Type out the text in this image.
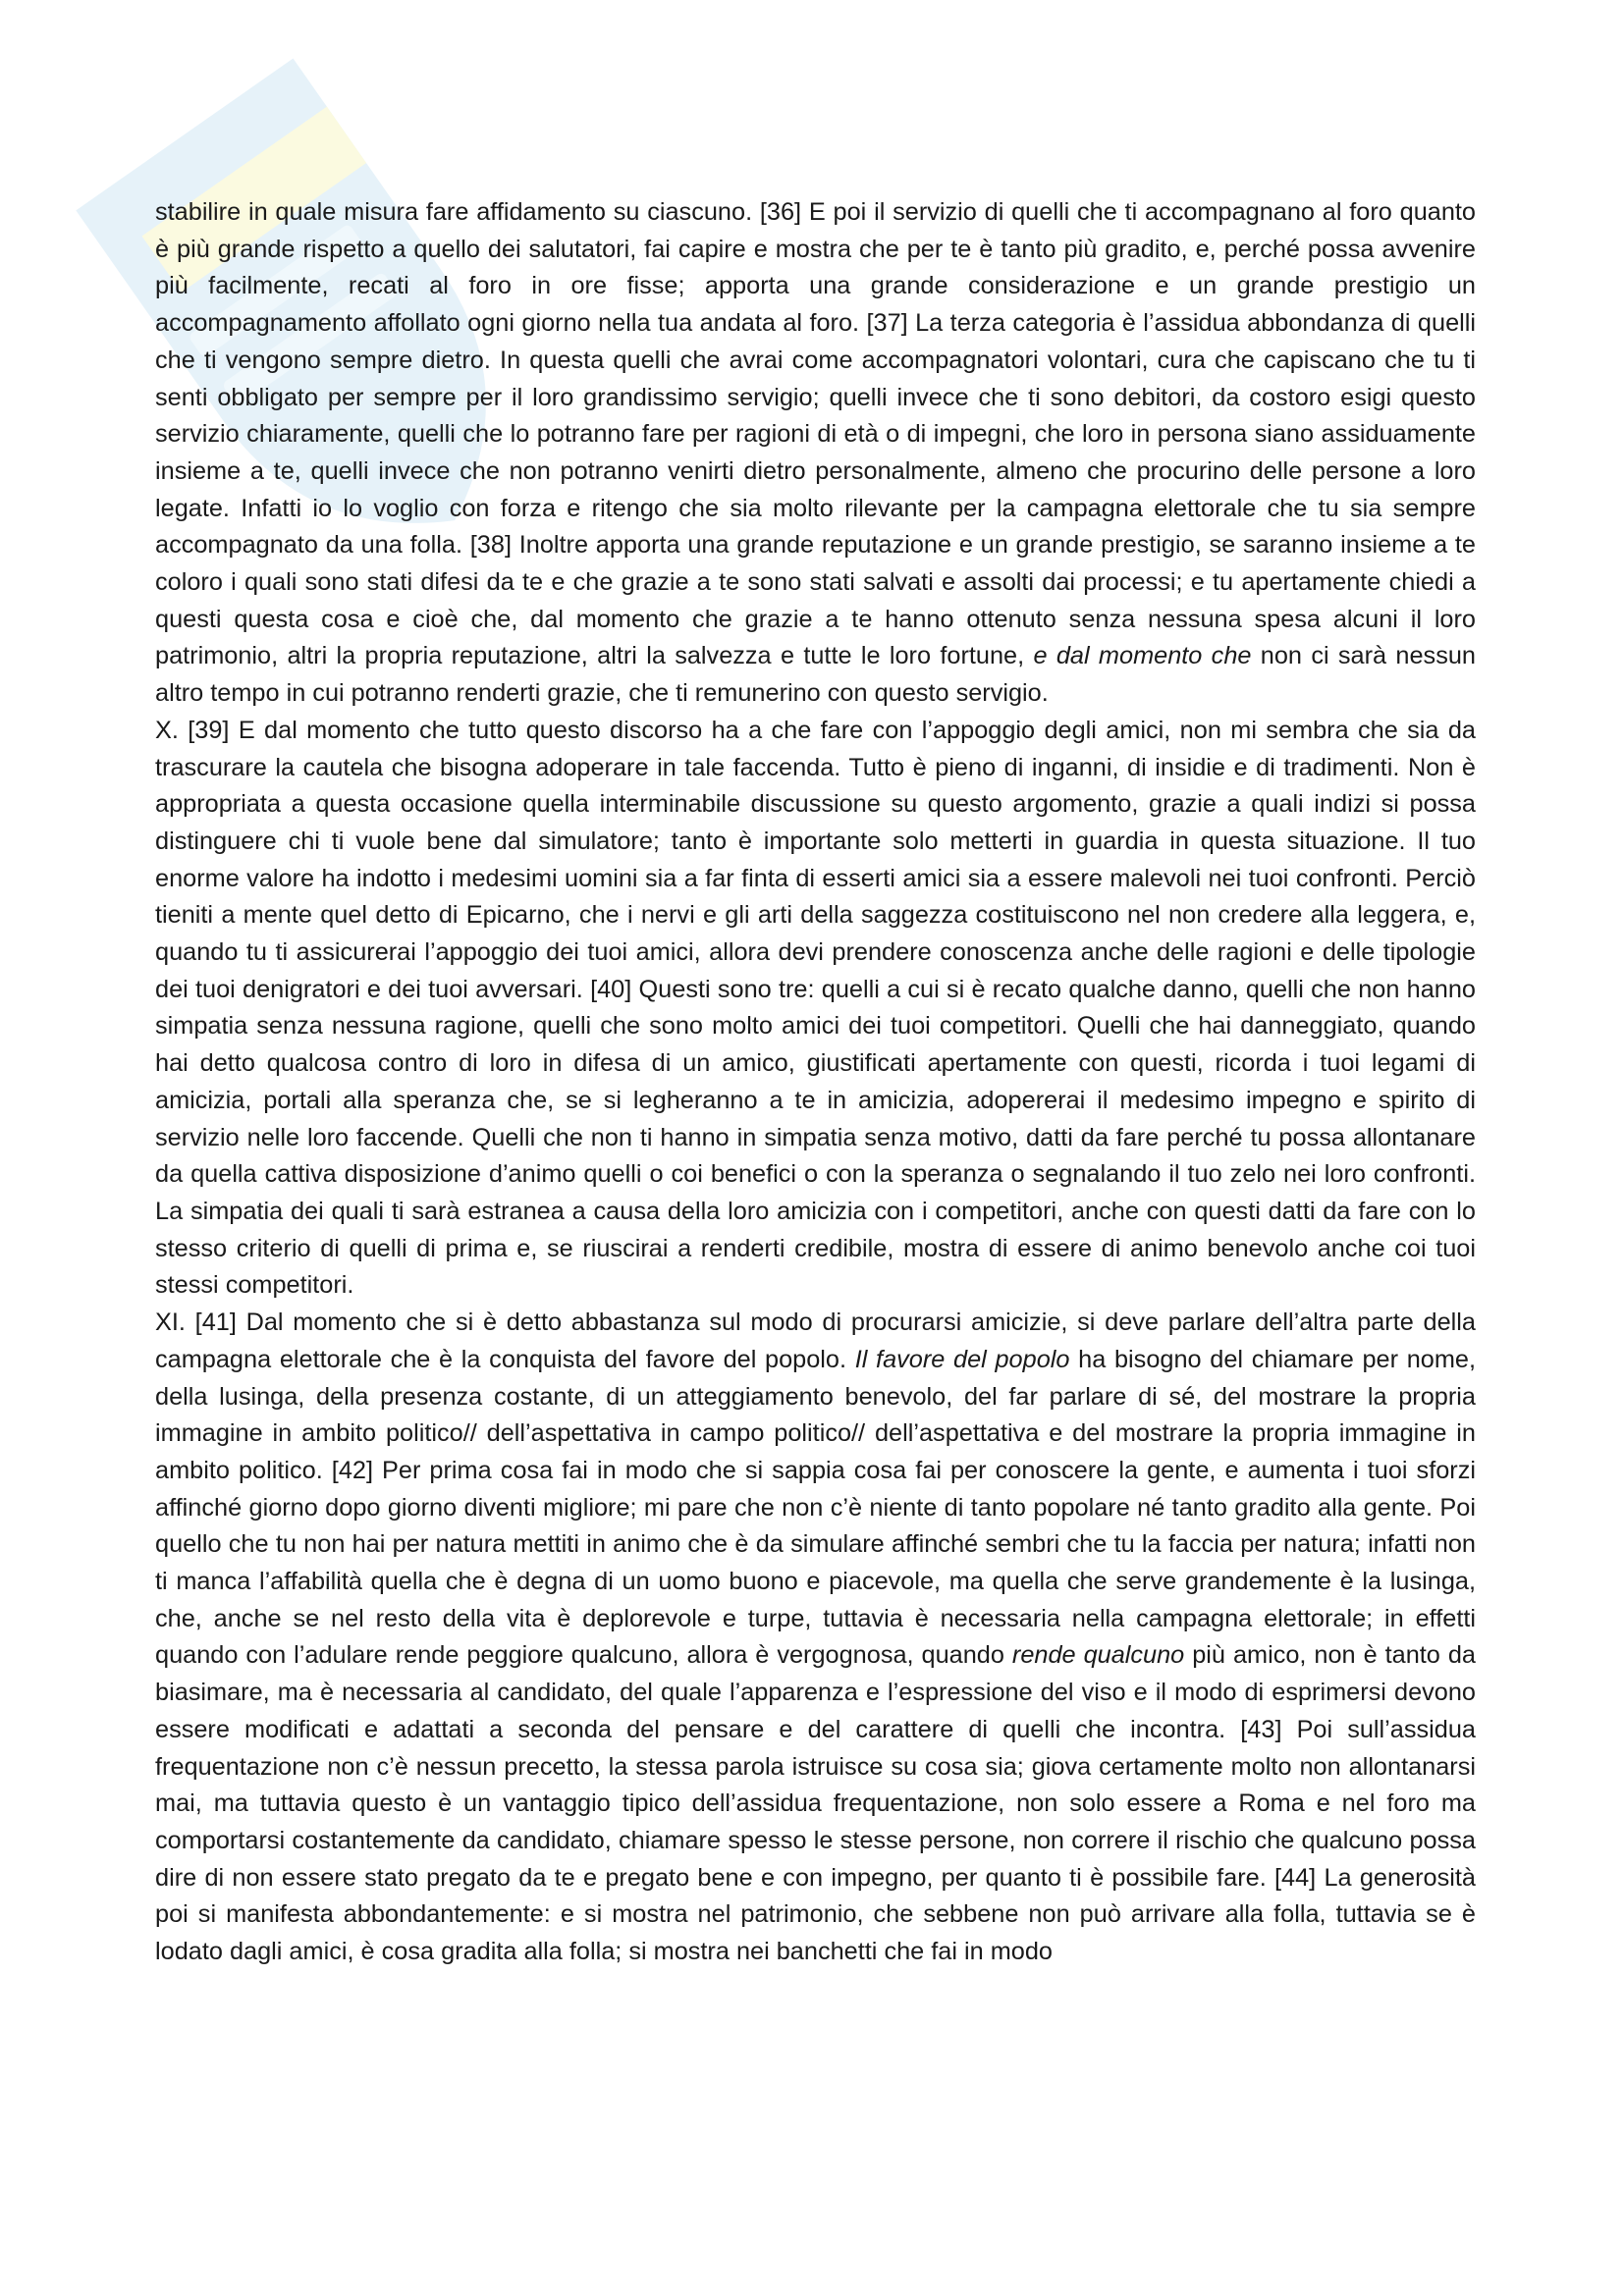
stabilire in quale misura fare affidamento su ciascuno. [36] E poi il servizio di quelli che ti accompagnano al foro quanto è più grande rispetto a quello dei salutatori, fai capire e mostra che per te è tanto più gradito, e, perché possa avvenire più facilmente, recati al foro in ore fisse; apporta una grande considerazione e un grande prestigio un accompagnamento affollato ogni giorno nella tua andata al foro. [37] La terza categoria è l’assidua abbondanza di quelli che ti vengono sempre dietro. In questa quelli che avrai come accompagnatori volontari, cura che capiscano che tu ti senti obbligato per sempre per il loro grandissimo servigio; quelli invece che ti sono debitori, da costoro esigi questo servizio chiaramente, quelli che lo potranno fare per ragioni di età o di impegni, che loro in persona siano assiduamente insieme a te, quelli invece che non potranno venirti dietro personalmente, almeno che procurino delle persone a loro legate. Infatti io lo voglio con forza e ritengo che sia molto rilevante per la campagna elettorale che tu sia sempre accompagnato da una folla. [38] Inoltre apporta una grande reputazione e un grande prestigio, se saranno insieme a te coloro i quali sono stati difesi da te e che grazie a te sono stati salvati e assolti dai processi; e tu apertamente chiedi a questi questa cosa e cioè che, dal momento che grazie a te hanno ottenuto senza nessuna spesa alcuni il loro patrimonio, altri la propria reputazione, altri la salvezza e tutte le loro fortune, e dal momento che non ci sarà nessun altro tempo in cui potranno renderti grazie, che ti remunerino con questo servigio.

X. [39] E dal momento che tutto questo discorso ha a che fare con l’appoggio degli amici, non mi sembra che sia da trascurare la cautela che bisogna adoperare in tale faccenda. Tutto è pieno di inganni, di insidie e di tradimenti. Non è appropriata a questa occasione quella interminabile discussione su questo argomento, grazie a quali indizi si possa distinguere chi ti vuole bene dal simulatore; tanto è importante solo metterti in guardia in questa situazione. Il tuo enorme valore ha indotto i medesimi uomini sia a far finta di esserti amici sia a essere malevoli nei tuoi confronti. Perciò tieniti a mente quel detto di Epicarno, che i nervi e gli arti della saggezza costituiscono nel non credere alla leggera, e, quando tu ti assicurerai l’appoggio dei tuoi amici, allora devi prendere conoscenza anche delle ragioni e delle tipologie dei tuoi denigratori e dei tuoi avversari. [40] Questi sono tre: quelli a cui si è recato qualche danno, quelli che non hanno simpatia senza nessuna ragione, quelli che sono molto amici dei tuoi competitori. Quelli che hai danneggiato, quando hai detto qualcosa contro di loro in difesa di un amico, giustificati apertamente con questi, ricorda i tuoi legami di amicizia, portali alla speranza che, se si legheranno a te in amicizia, adopererai il medesimo impegno e spirito di servizio nelle loro faccende. Quelli che non ti hanno in simpatia senza motivo, datti da fare perché tu possa allontanare da quella cattiva disposizione d’animo quelli o coi benefici o con la speranza o segnalando il tuo zelo nei loro confronti. La simpatia dei quali ti sarà estranea a causa della loro amicizia con i competitori, anche con questi datti da fare con lo stesso criterio di quelli di prima e, se riuscirai a renderti credibile, mostra di essere di animo benevolo anche coi tuoi stessi competitori.

XI. [41] Dal momento che si è detto abbastanza sul modo di procurarsi amicizie, si deve parlare dell’altra parte della campagna elettorale che è la conquista del favore del popolo. Il favore del popolo ha bisogno del chiamare per nome, della lusinga, della presenza costante, di un atteggiamento benevolo, del far parlare di sé, del mostrare la propria immagine in ambito politico// dell’aspettativa in campo politico// dell’aspettativa e del mostrare la propria immagine in ambito politico. [42] Per prima cosa fai in modo che si sappia cosa fai per conoscere la gente, e aumenta i tuoi sforzi affinché giorno dopo giorno diventi migliore; mi pare che non c’è niente di tanto popolare né tanto gradito alla gente. Poi quello che tu non hai per natura mettiti in animo che è da simulare affinché sembri che tu la faccia per natura; infatti non ti manca l’affabilità quella che è degna di un uomo buono e piacevole, ma quella che serve grandemente è la lusinga, che, anche se nel resto della vita è deplorevole e turpe, tuttavia è necessaria nella campagna elettorale; in effetti quando con l’adulare rende peggiore qualcuno, allora è vergognosa, quando rende qualcuno più amico, non è tanto da biasimare, ma è necessaria al candidato, del quale l’apparenza e l’espressione del viso e il modo di esprimersi devono essere modificati e adattati a seconda del pensare e del carattere di quelli che incontra. [43] Poi sull’assidua frequentazione non c’è nessun precetto, la stessa parola istruisce su cosa sia; giova certamente molto non allontanarsi mai, ma tuttavia questo è un vantaggio tipico dell’assidua frequentazione, non solo essere a Roma e nel foro ma comportarsi costantemente da candidato, chiamare spesso le stesse persone, non correre il rischio che qualcuno possa dire di non essere stato pregato da te e pregato bene e con impegno, per quanto ti è possibile fare. [44] La generosità poi si manifesta abbondantemente: e si mostra nel patrimonio, che sebbene non può arrivare alla folla, tuttavia se è lodato dagli amici, è cosa gradita alla folla; si mostra nei banchetti che fai in modo
